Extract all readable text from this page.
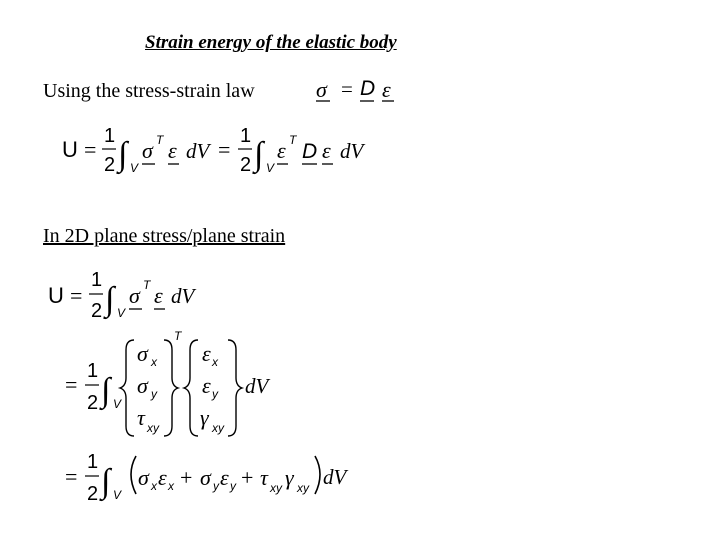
Strain energy of the elastic body
Using the stress-strain law	σ = D ε
U =
1
2 ∫ V
σ T ε dV =
1
2 ∫ V
ε T D ε dV
In 2D plane stress/plane strain
U =
1
2 ∫ V
σ T ε dV
=
1
2 ∫ V
σ x
σ y
τ xy
T
ε x
ε y
γ xy
dV
=
1
2 ∫ V
σ x ε x + σ y ε y + τ xy γ xy dV
